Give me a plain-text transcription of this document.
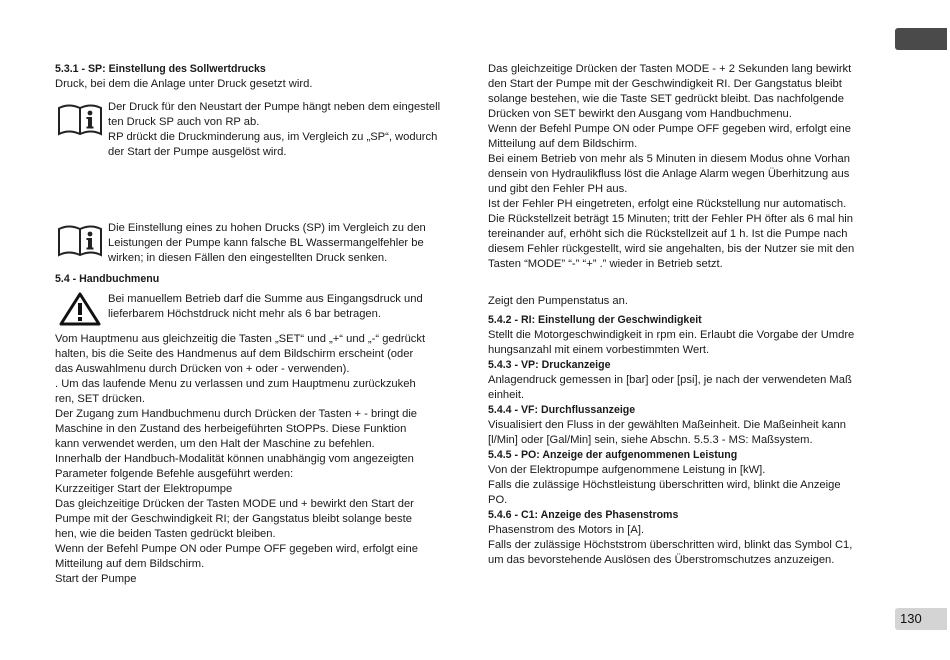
5.3.1 - SP: Einstellung des Sollwertdrucks
Druck, bei dem die Anlage unter Druck gesetzt wird.
Der Druck für den Neustart der Pumpe hängt neben dem eingestell
ten Druck SP auch von RP ab.
RP drückt die Druckminderung aus, im Vergleich zu „SP“, wodurch
der Start der Pumpe ausgelöst wird.
Die Einstellung eines zu hohen Drucks (SP) im Vergleich zu den
Leistungen der Pumpe kann falsche BL Wassermangelfehler be
wirken; in diesen Fällen den eingestellten Druck senken.
5.4 - Handbuchmenu
Bei manuellem Betrieb darf die Summe aus Eingangsdruck und
lieferbarem Höchstdruck nicht mehr als 6 bar betragen.
Vom Hauptmenu aus gleichzeitig die Tasten „SET“ und „+“ und „-“ gedrückt
halten, bis die Seite des Handmenus auf dem Bildschirm erscheint (oder
das Auswahlmenu durch Drücken von + oder - verwenden).
. Um das laufende Menu zu verlassen und zum Hauptmenu zurückzukeh
ren, SET drücken.
Der Zugang zum Handbuchmenu durch Drücken der Tasten + - bringt die
Maschine in den Zustand des herbeigeführten StOPPs. Diese Funktion
kann verwendet werden, um den Halt der Maschine zu befehlen.
Innerhalb der Handbuch-Modalität können unabhängig vom angezeigten
Parameter folgende Befehle ausgeführt werden:
Kurzzeitiger Start der Elektropumpe
Das gleichzeitige Drücken der Tasten MODE und + bewirkt den Start der
Pumpe mit der Geschwindigkeit RI; der Gangstatus bleibt solange beste
hen, wie die beiden Tasten gedrückt bleiben.
Wenn der Befehl Pumpe ON oder Pumpe OFF gegeben wird, erfolgt eine
Mitteilung auf dem Bildschirm.
Start der Pumpe
Das gleichzeitige Drücken der Tasten MODE - + 2 Sekunden lang bewirkt
den Start der Pumpe mit der Geschwindigkeit RI. Der Gangstatus bleibt
solange bestehen, wie die Taste SET gedrückt bleibt. Das nachfolgende
Drücken von SET bewirkt den Ausgang vom Handbuchmenu.
Wenn der Befehl Pumpe ON oder Pumpe OFF gegeben wird, erfolgt eine
Mitteilung auf dem Bildschirm.
Bei einem Betrieb von mehr als 5 Minuten in diesem Modus ohne Vorhan
densein von Hydraulikfluss löst die Anlage Alarm wegen Überhitzung aus
und gibt den Fehler PH aus.
Ist der Fehler PH eingetreten, erfolgt eine Rückstellung nur automatisch.
Die Rückstellzeit beträgt 15 Minuten; tritt der Fehler PH öfter als 6 mal hin
tereinander auf, erhöht sich die Rückstellzeit auf 1 h. Ist die Pumpe nach
diesem Fehler rückgestellt, wird sie angehalten, bis der Nutzer sie mit den
Tasten “MODE” “-” “+” .” wieder in Betrieb setzt.
Zeigt den Pumpenstatus an.
5.4.2 - RI: Einstellung der Geschwindigkeit
Stellt die Motorgeschwindigkeit in rpm ein. Erlaubt die Vorgabe der Umdre
hungsanzahl mit einem vorbestimmten Wert.
5.4.3 - VP: Druckanzeige
Anlagendruck gemessen in [bar] oder [psi], je nach der verwendeten Maß
einheit.
5.4.4 - VF: Durchflussanzeige
Visualisiert den Fluss in der gewählten Maßeinheit. Die Maßeinheit kann
[l/Min] oder [Gal/Min] sein, siehe Abschn. 5.5.3 - MS: Maßsystem.
5.4.5 - PO: Anzeige der aufgenommenen Leistung
Von der Elektropumpe aufgenommene Leistung in [kW].
Falls die zulässige Höchstleistung überschritten wird, blinkt die Anzeige
PO.
5.4.6 - C1: Anzeige des Phasenstroms
Phasenstrom des Motors in [A].
Falls der zulässige Höchststrom überschritten wird, blinkt das Symbol C1,
um das bevorstehende Auslösen des Überstromschutzes anzuzeigen.
130
